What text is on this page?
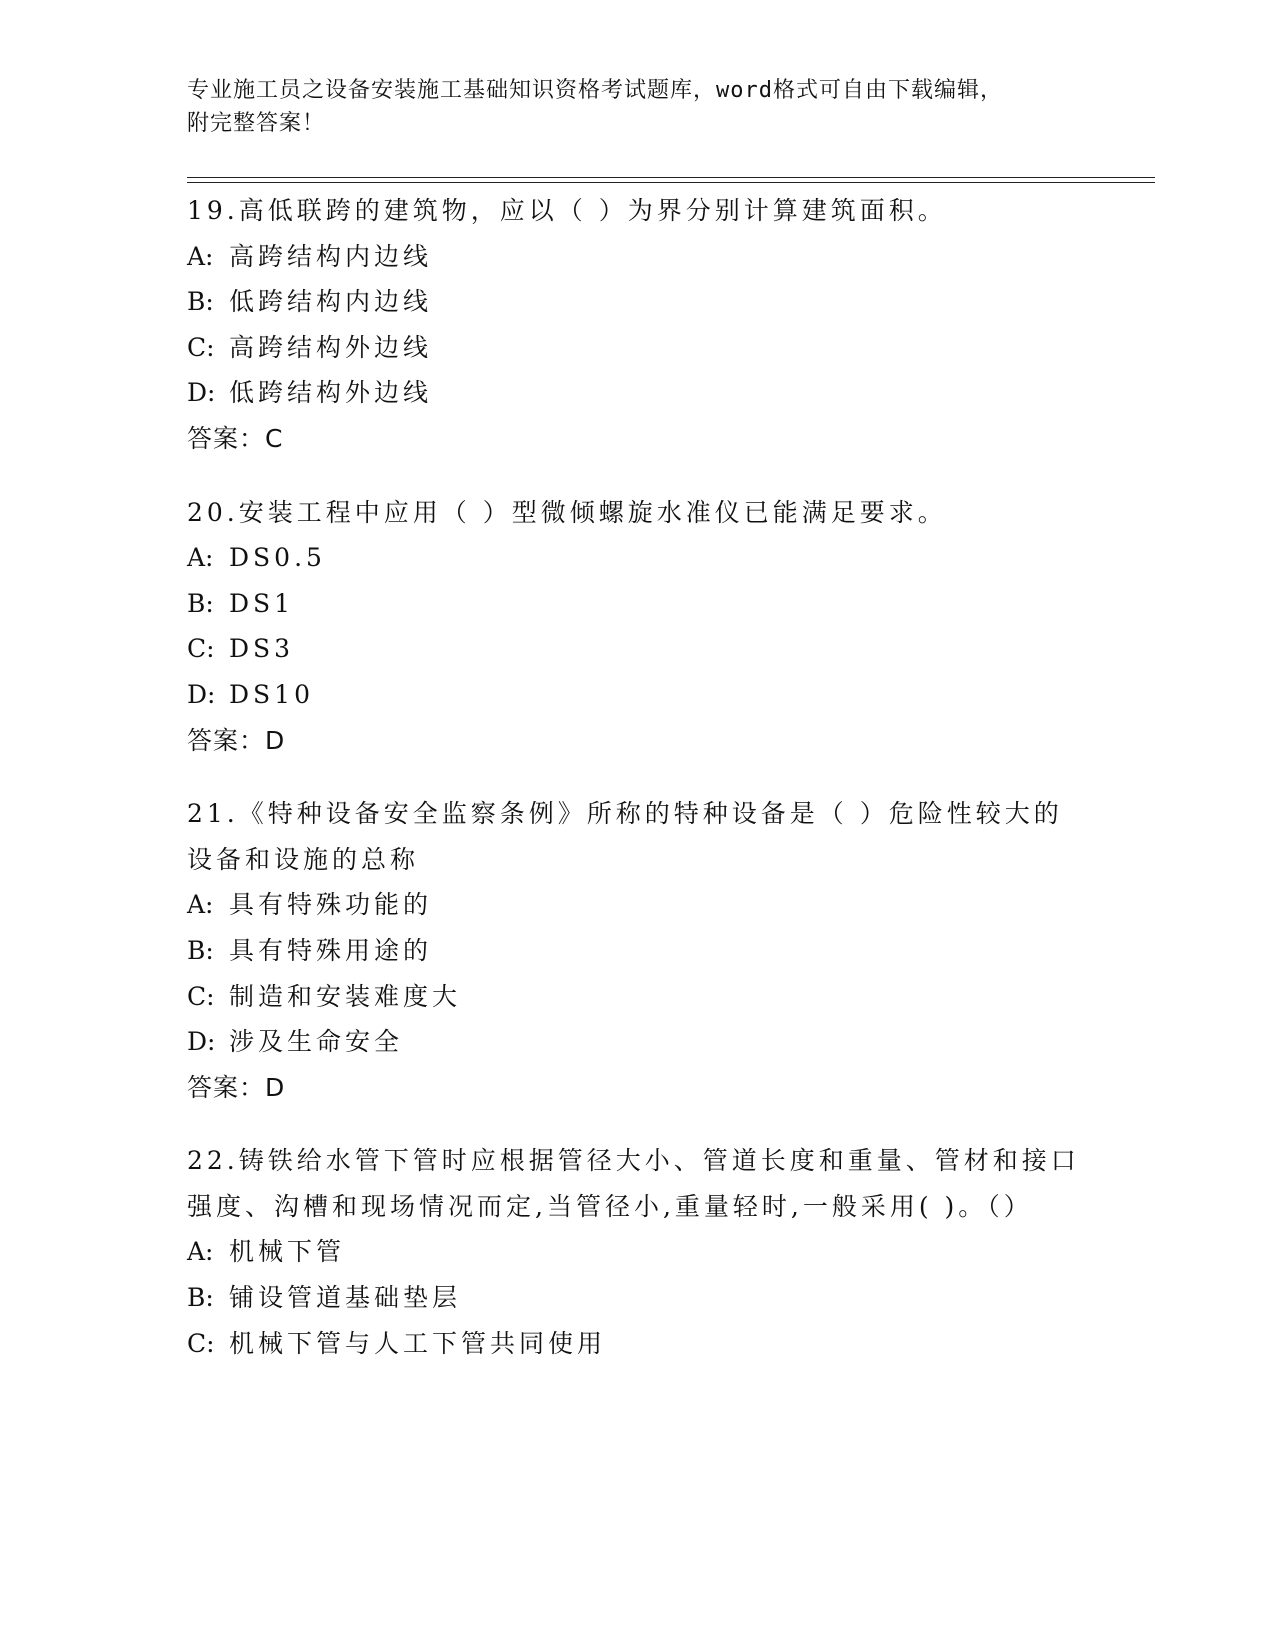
专业施工员之设备安装施工基础知识资格考试题库，word格式可自由下载编辑，
附完整答案！
19.高低联跨的建筑物，应以（ ）为界分别计算建筑面积。
A: 高跨结构内边线
B: 低跨结构内边线
C: 高跨结构外边线
D: 低跨结构外边线
答案：C
20.安装工程中应用（ ）型微倾螺旋水准仪已能满足要求。
A: DS0.5
B: DS1
C: DS3
D: DS10
答案：D
21.《特种设备安全监察条例》所称的特种设备是（ ）危险性较大的设备和设施的总称
A: 具有特殊功能的
B: 具有特殊用途的
C: 制造和安装难度大
D: 涉及生命安全
答案：D
22.铸铁给水管下管时应根据管径大小、管道长度和重量、管材和接口强度、沟槽和现场情况而定,当管径小,重量轻时,一般采用( )。（）
A: 机械下管
B: 铺设管道基础垫层
C: 机械下管与人工下管共同使用
